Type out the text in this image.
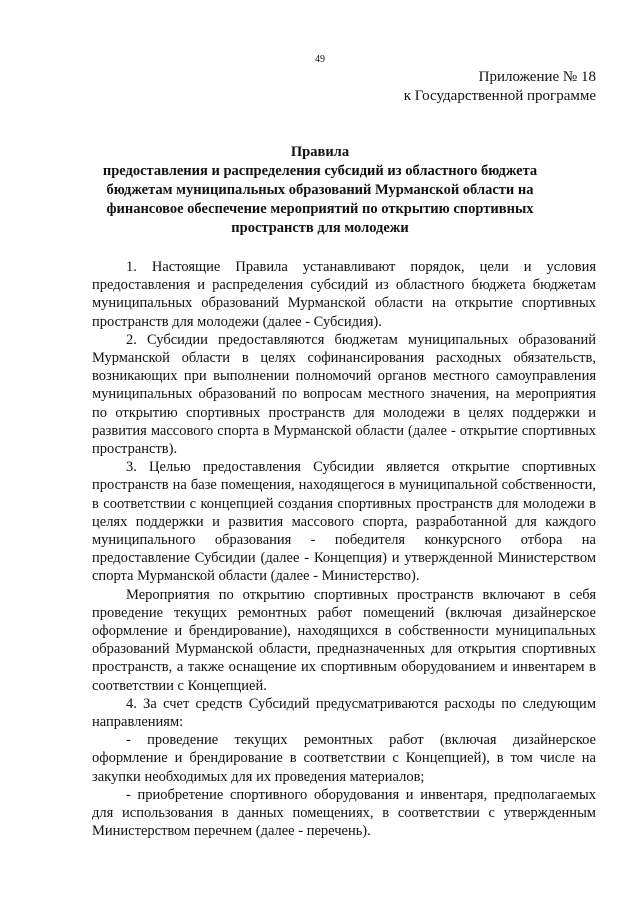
49
Приложение № 18
к Государственной программе
Правила
предоставления и распределения субсидий из областного бюджета бюджетам муниципальных образований Мурманской области на финансовое обеспечение мероприятий по открытию спортивных пространств для молодежи

1. Настоящие Правила устанавливают порядок, цели и условия предоставления и распределения субсидий из областного бюджета бюджетам муниципальных образований Мурманской области на открытие спортивных пространств для молодежи (далее - Субсидия).

2. Субсидии предоставляются бюджетам муниципальных образований Мурманской области в целях софинансирования расходных обязательств, возникающих при выполнении полномочий органов местного самоуправления муниципальных образований по вопросам местного значения, на мероприятия по открытию спортивных пространств для молодежи в целях поддержки и развития массового спорта в Мурманской области (далее - открытие спортивных пространств).

3. Целью предоставления Субсидии является открытие спортивных пространств на базе помещения, находящегося в муниципальной собственности, в соответствии с концепцией создания спортивных пространств для молодежи в целях поддержки и развития массового спорта, разработанной для каждого муниципального образования - победителя конкурсного отбора на предоставление Субсидии (далее - Концепция) и утвержденной Министерством спорта Мурманской области (далее - Министерство).

Мероприятия по открытию спортивных пространств включают в себя проведение текущих ремонтных работ помещений (включая дизайнерское оформление и брендирование), находящихся в собственности муниципальных образований Мурманской области, предназначенных для открытия спортивных пространств, а также оснащение их спортивным оборудованием и инвентарем в соответствии с Концепцией.

4. За счет средств Субсидий предусматриваются расходы по следующим направлениям:

- проведение текущих ремонтных работ (включая дизайнерское оформление и брендирование в соответствии с Концепцией), в том числе на закупки необходимых для их проведения материалов;

- приобретение спортивного оборудования и инвентаря, предполагаемых для использования в данных помещениях, в соответствии с утвержденным Министерством перечнем (далее - перечень).
